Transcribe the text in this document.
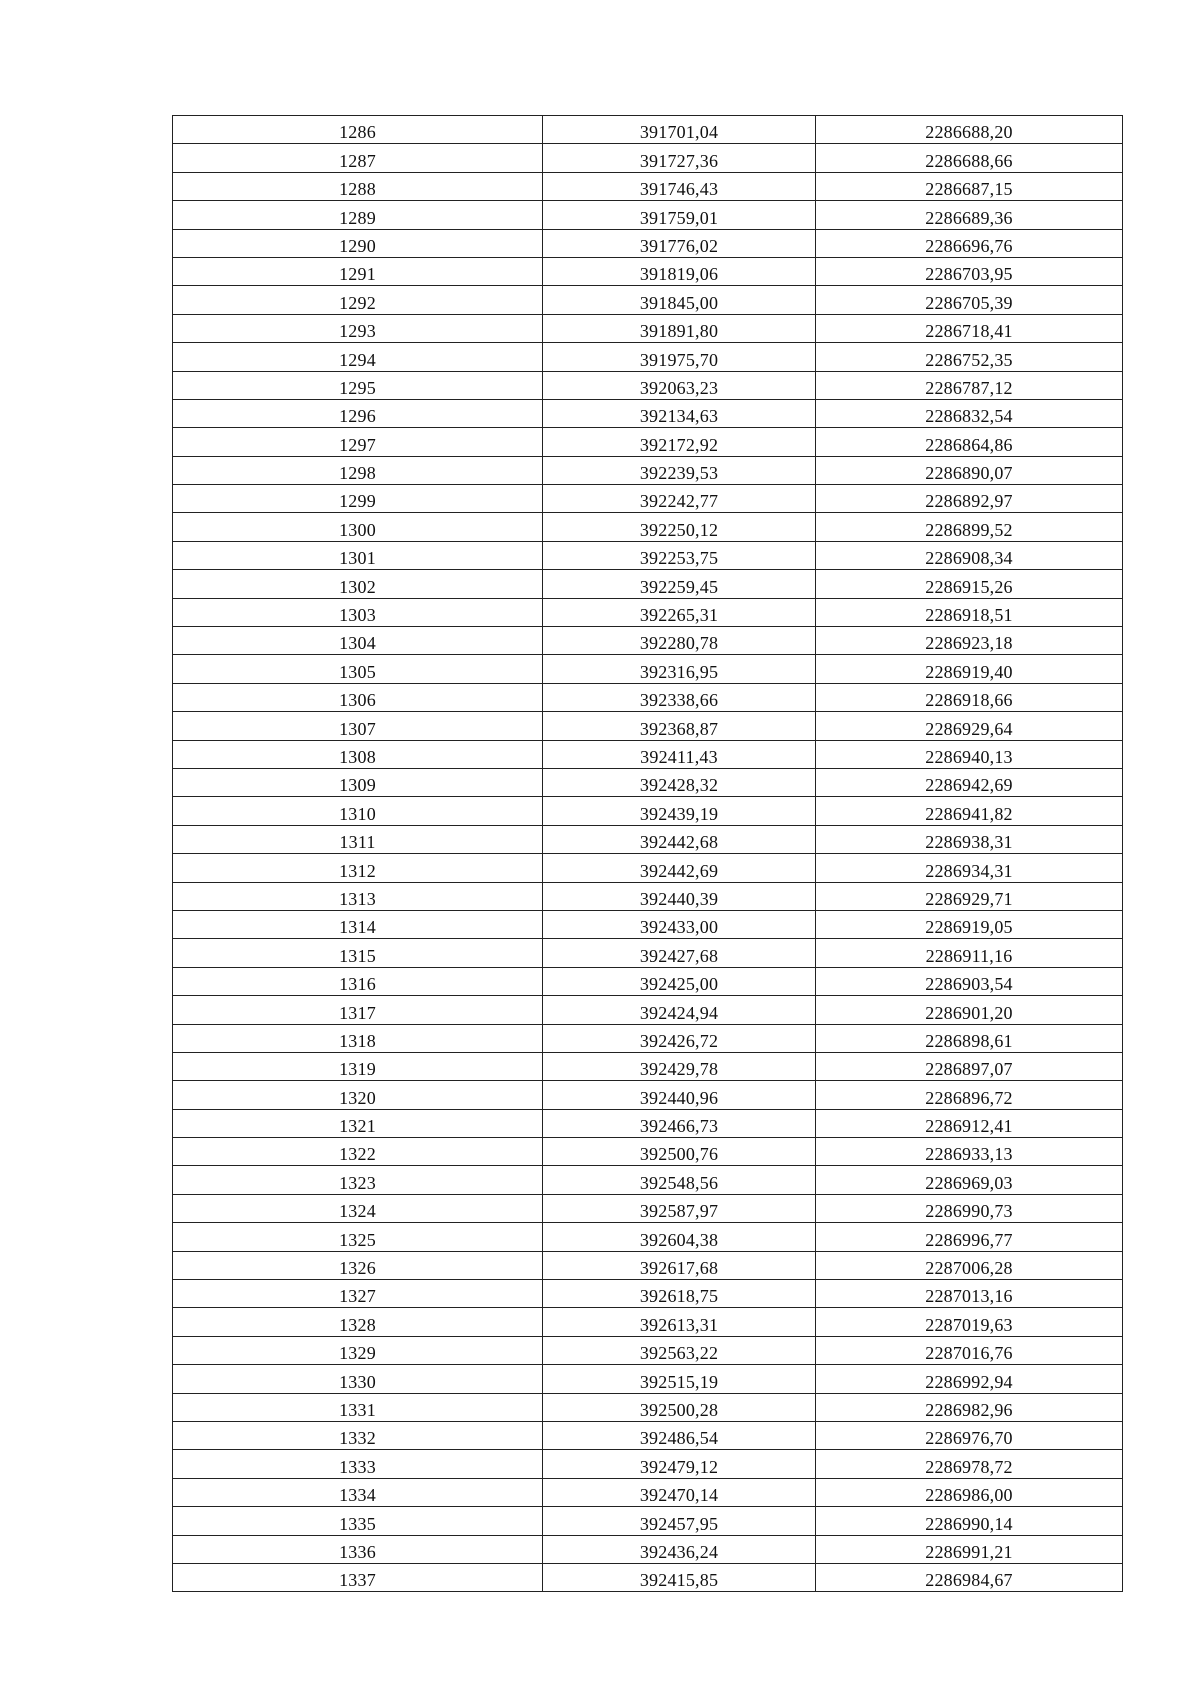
1286	391701,04	2286688,20
1287	391727,36	2286688,66
1288	391746,43	2286687,15
1289	391759,01	2286689,36
1290	391776,02	2286696,76
1291	391819,06	2286703,95
1292	391845,00	2286705,39
1293	391891,80	2286718,41
1294	391975,70	2286752,35
1295	392063,23	2286787,12
1296	392134,63	2286832,54
1297	392172,92	2286864,86
1298	392239,53	2286890,07
1299	392242,77	2286892,97
1300	392250,12	2286899,52
1301	392253,75	2286908,34
1302	392259,45	2286915,26
1303	392265,31	2286918,51
1304	392280,78	2286923,18
1305	392316,95	2286919,40
1306	392338,66	2286918,66
1307	392368,87	2286929,64
1308	392411,43	2286940,13
1309	392428,32	2286942,69
1310	392439,19	2286941,82
1311	392442,68	2286938,31
1312	392442,69	2286934,31
1313	392440,39	2286929,71
1314	392433,00	2286919,05
1315	392427,68	2286911,16
1316	392425,00	2286903,54
1317	392424,94	2286901,20
1318	392426,72	2286898,61
1319	392429,78	2286897,07
1320	392440,96	2286896,72
1321	392466,73	2286912,41
1322	392500,76	2286933,13
1323	392548,56	2286969,03
1324	392587,97	2286990,73
1325	392604,38	2286996,77
1326	392617,68	2287006,28
1327	392618,75	2287013,16
1328	392613,31	2287019,63
1329	392563,22	2287016,76
1330	392515,19	2286992,94
1331	392500,28	2286982,96
1332	392486,54	2286976,70
1333	392479,12	2286978,72
1334	392470,14	2286986,00
1335	392457,95	2286990,14
1336	392436,24	2286991,21
1337	392415,85	2286984,67
